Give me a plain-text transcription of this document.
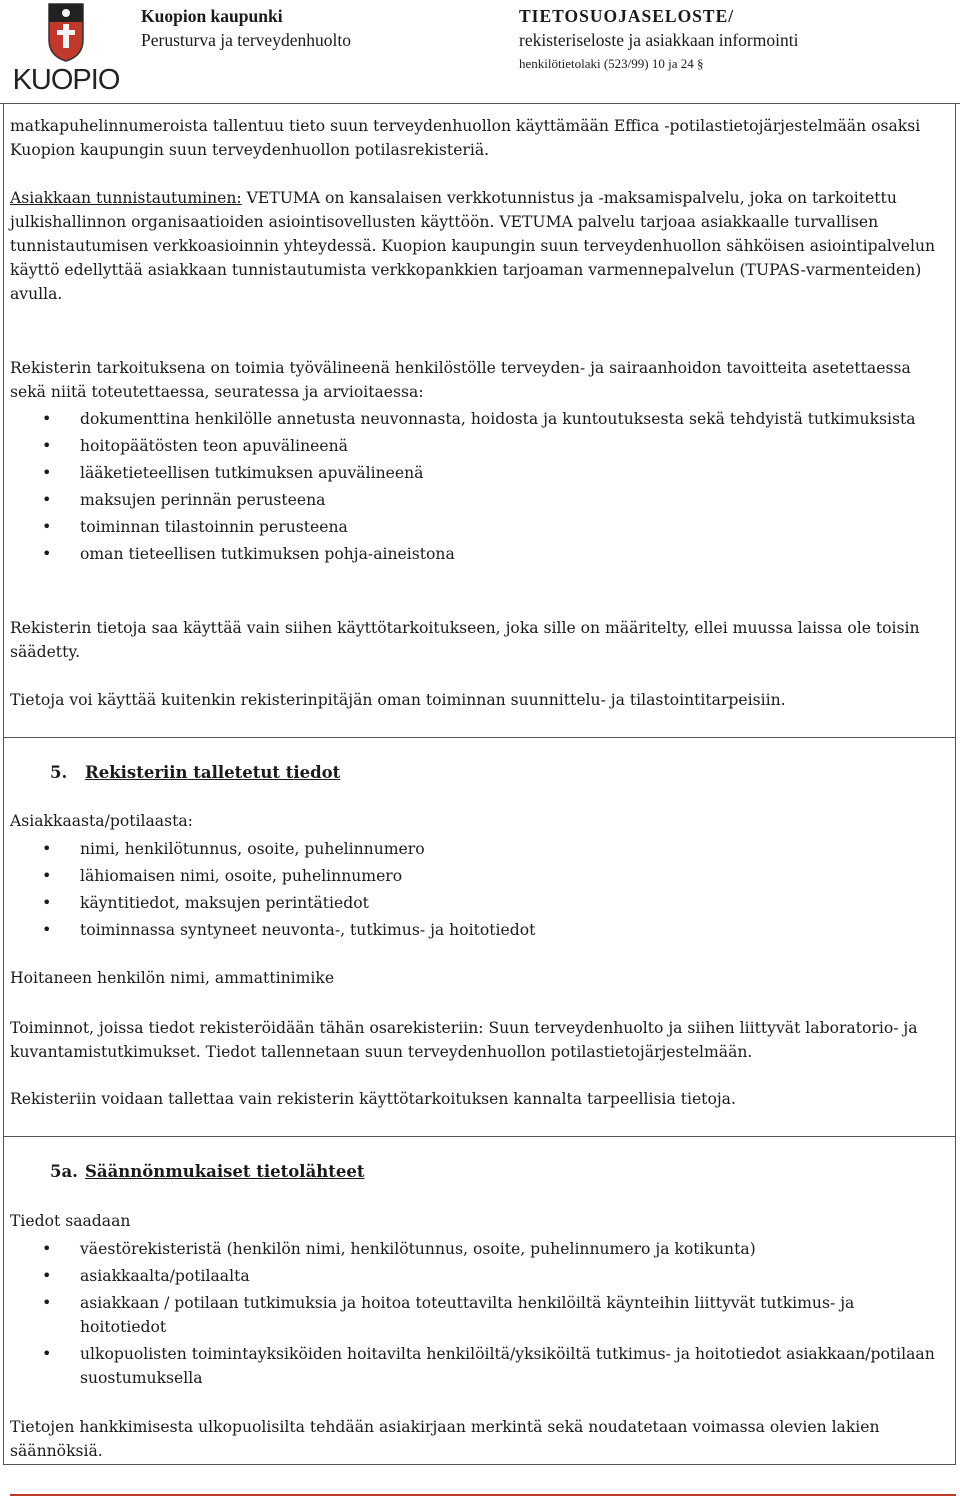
KUOPIO
Kuopion kaupunki
Perusturva ja terveydenhuolto
TIETOSUOJASELOSTE/
rekisteriseloste ja asiakkaan informointi
henkilötietolaki (523/99) 10 ja 24 §

matkapuhelinnumeroista tallentuu tieto suun terveydenhuollon käyttämään Effica -potilastietojärjestelmään osaksi Kuopion kaupungin suun terveydenhuollon potilasrekisteriä.

Asiakkaan tunnistautuminen: VETUMA on kansalaisen verkkotunnistus ja -maksamispalvelu, joka on tarkoitettu julkishallinnon organisaatioiden asiointisovellusten käyttöön. VETUMA palvelu tarjoaa asiakkaalle turvallisen tunnistautumisen verkkoasioinnin yhteydessä. Kuopion kaupungin suun terveydenhuollon sähköisen asiointipalvelun käyttö edellyttää asiakkaan tunnistautumista verkkopankkien tarjoaman varmennepalvelun (TUPAS-varmenteiden) avulla.

Rekisterin tarkoituksena on toimia työvälineenä henkilöstölle terveyden- ja sairaanhoidon tavoitteita asetettaessa sekä niitä toteutettaessa, seuratessa ja arvioitaessa:

• dokumenttina henkilölle annetusta neuvonnasta, hoidosta ja kuntoutuksesta sekä tehdyistä tutkimuksista
• hoitopäätösten teon apuvälineenä
• lääketieteellisen tutkimuksen apuvälineenä
• maksujen perinnän perusteena
• toiminnan tilastoinnin perusteena
• oman tieteellisen tutkimuksen pohja-aineistona

Rekisterin tietoja saa käyttää vain siihen käyttötarkoitukseen, joka sille on määritelty, ellei muussa laissa ole toisin säädetty.

Tietoja voi käyttää kuitenkin rekisterinpitäjän oman toiminnan suunnittelu- ja tilastointitarpeisiin.

5. Rekisteriin talletetut tiedot

Asiakkaasta/potilaasta:

• nimi, henkilötunnus, osoite, puhelinnumero
• lähiomaisen nimi, osoite, puhelinnumero
• käyntitiedot, maksujen perintätiedot
• toiminnassa syntyneet neuvonta-, tutkimus- ja hoitotiedot

Hoitaneen henkilön nimi, ammattinimike

Toiminnot, joissa tiedot rekisteröidään tähän osarekisteriin: Suun terveydenhuolto ja siihen liittyvät laboratorio- ja kuvantamistutkimukset. Tiedot tallennetaan suun terveydenhuollon potilastietojärjestelmään.

Rekisteriin voidaan tallettaa vain rekisterin käyttötarkoituksen kannalta tarpeellisia tietoja.

5a. Säännönmukaiset tietolähteet

Tiedot saadaan

• väestörekisteristä (henkilön nimi, henkilötunnus, osoite, puhelinnumero ja kotikunta)
• asiakkaalta/potilaalta
• asiakkaan / potilaan tutkimuksia ja hoitoa toteuttavilta henkilöiltä käynteihin liittyvät tutkimus- ja hoitotiedot
• ulkopuolisten toimintayksiköiden hoitavilta henkilöiltä/yksiköiltä tutkimus- ja hoitotiedot asiakkaan/potilaan suostumuksella

Tietojen hankkimisesta ulkopuolisilta tehdään asiakirjaan merkintä sekä noudatetaan voimassa olevien lakien säännöksiä.
